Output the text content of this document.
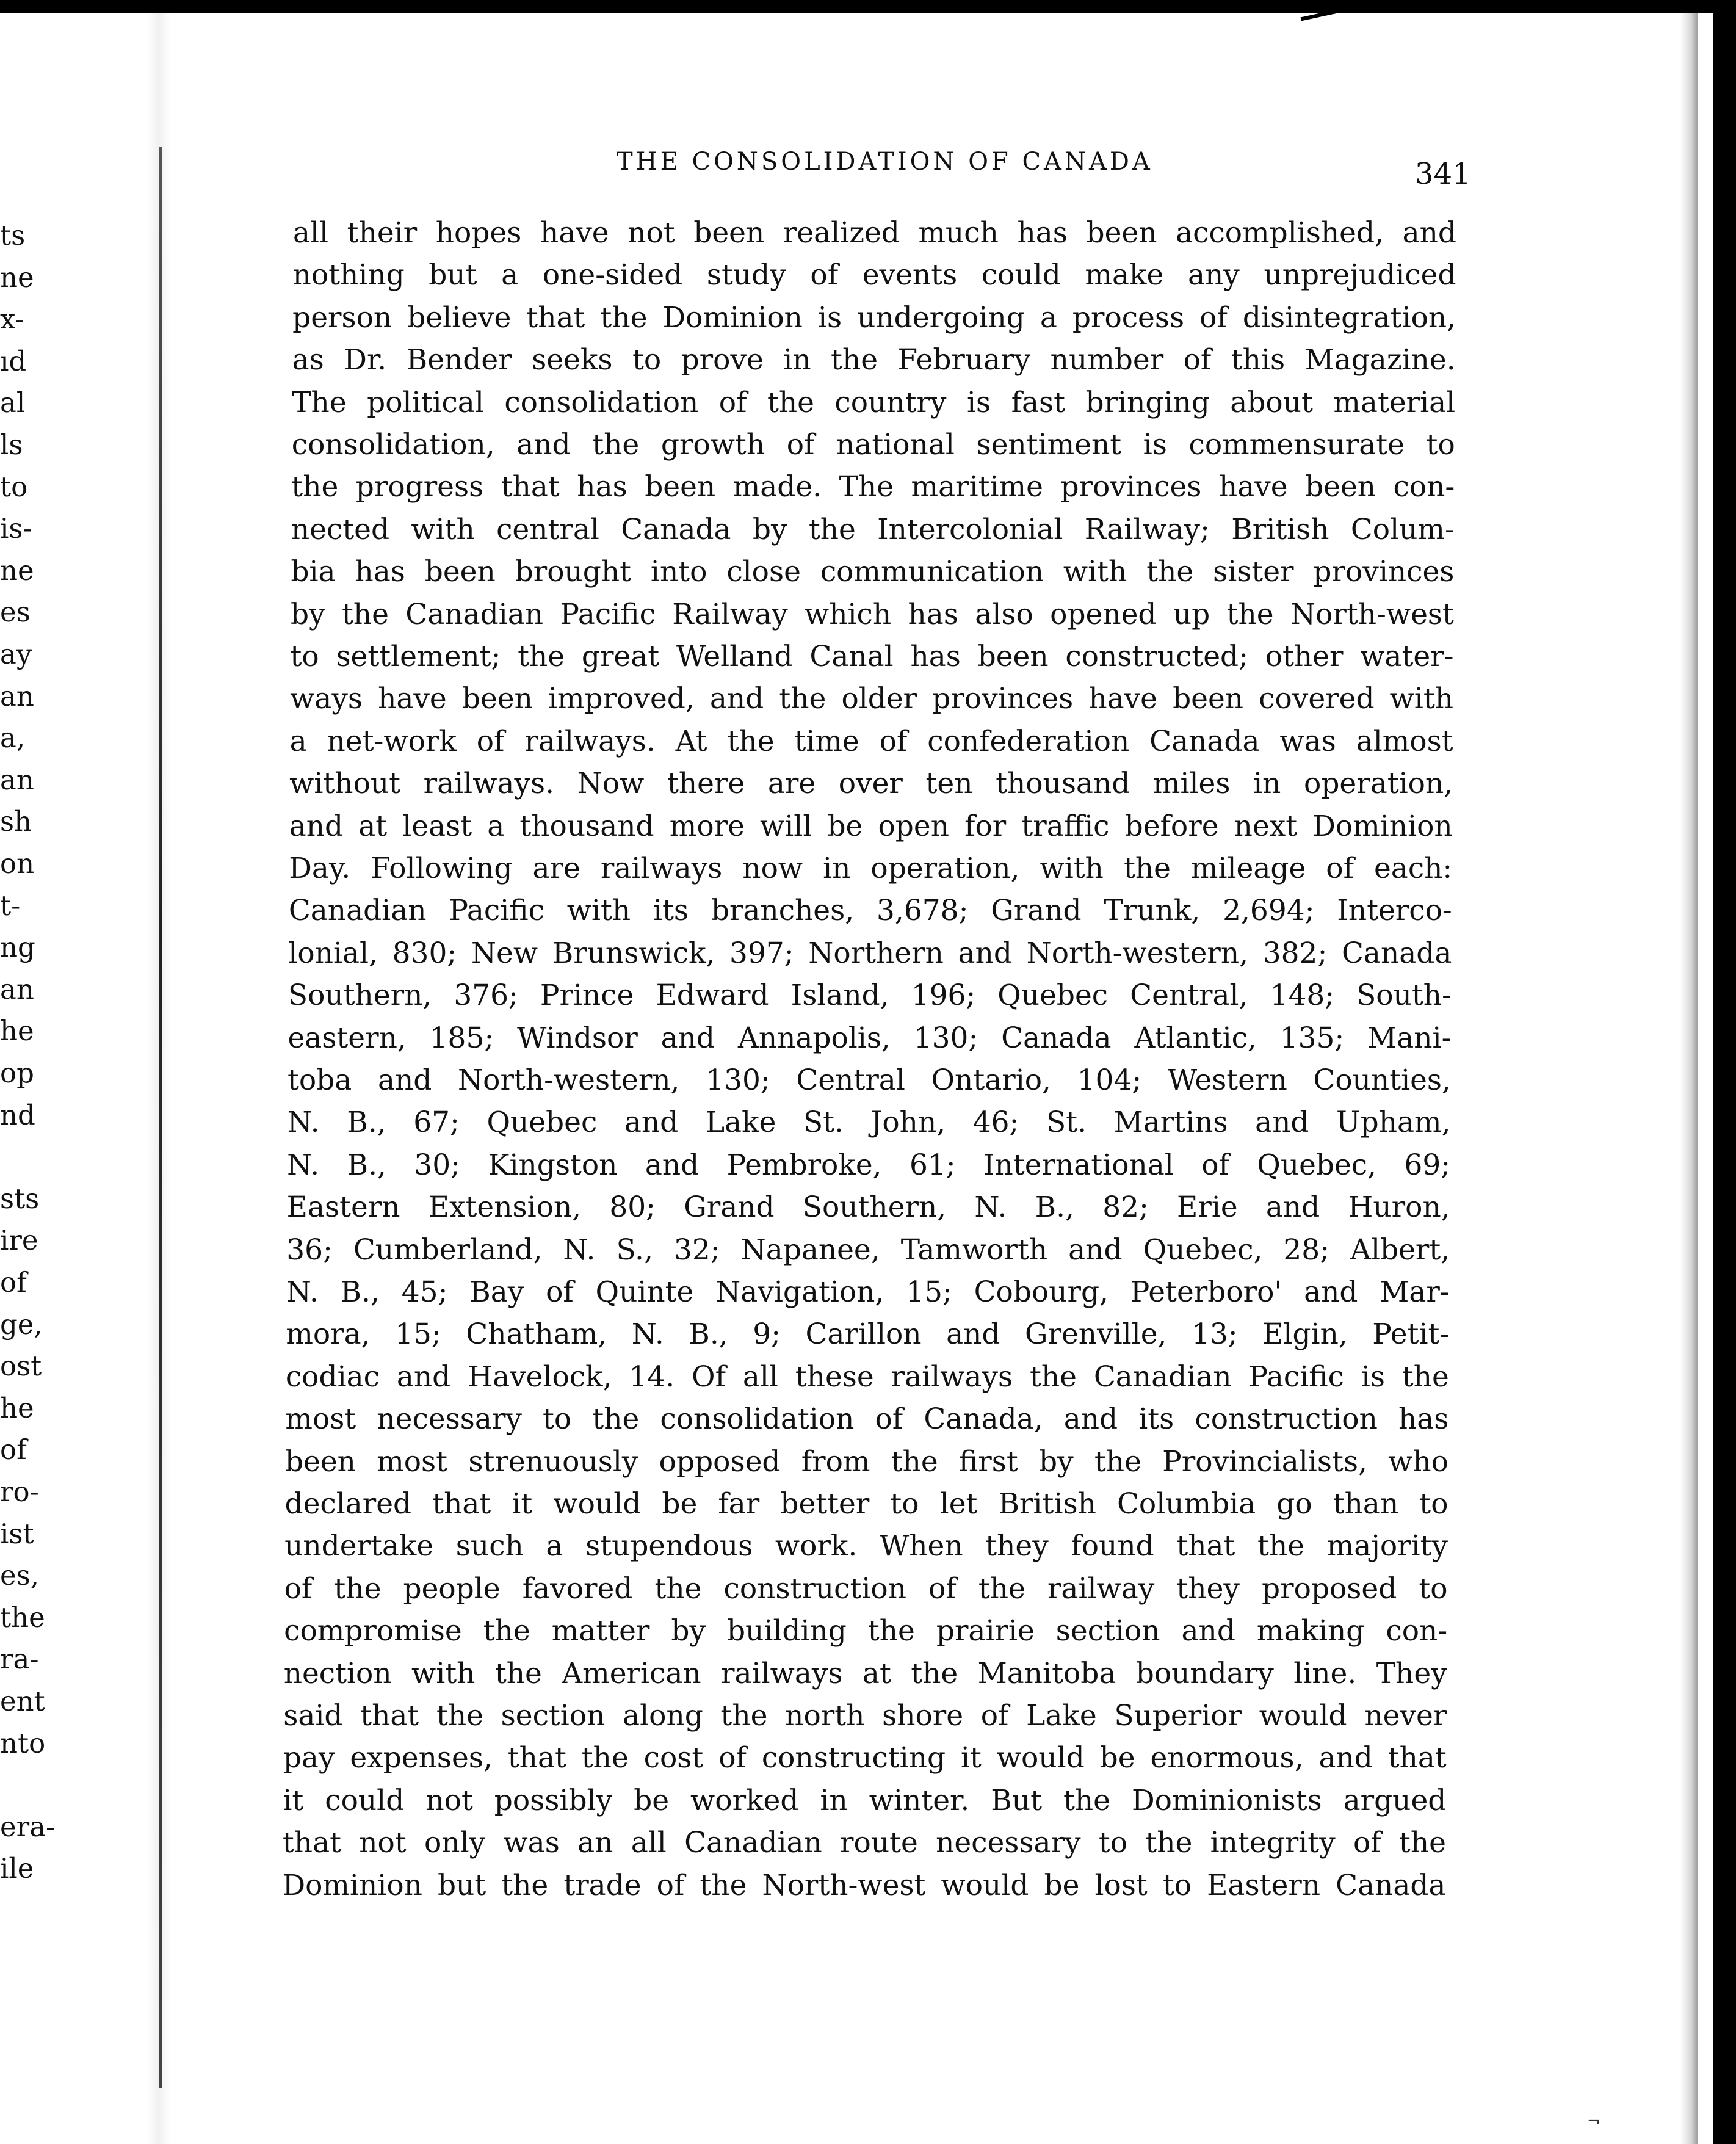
ts
ne
x-
ıd
al
ls
to
is-
ne
es
ay
an
a,
an
sh
on
t-
ng
an
he
op
nd
sts
ire
of
ge,
ost
he
of
ro-
ist
es,
the
ra-
ent
nto
era-
ile
THE CONSOLIDATION OF CANADA	341
all their hopes have not been realized much has been accomplished, and
nothing but a one-sided study of events could make any unprejudiced
person believe that the Dominion is undergoing a process of disintegration,
as Dr. Bender seeks to prove in the February number of this Magazine.
The political consolidation of the country is fast bringing about material
consolidation, and the growth of national sentiment is commensurate to
the progress that has been made. The maritime provinces have been con-
nected with central Canada by the Intercolonial Railway; British Colum-
bia has been brought into close communication with the sister provinces
by the Canadian Pacific Railway which has also opened up the North-west
to settlement; the great Welland Canal has been constructed; other water-
ways have been improved, and the older provinces have been covered with
a net-work of railways. At the time of confederation Canada was almost
without railways. Now there are over ten thousand miles in operation,
and at least a thousand more will be open for traffic before next Dominion
Day. Following are railways now in operation, with the mileage of each:
Canadian Pacific with its branches, 3,678; Grand Trunk, 2,694; Interco-
lonial, 830; New Brunswick, 397; Northern and North-western, 382; Canada
Southern, 376; Prince Edward Island, 196; Quebec Central, 148; South-
eastern, 185; Windsor and Annapolis, 130; Canada Atlantic, 135; Mani-
toba and North-western, 130; Central Ontario, 104; Western Counties,
N. B., 67; Quebec and Lake St. John, 46; St. Martins and Upham,
N. B., 30; Kingston and Pembroke, 61; International of Quebec, 69;
Eastern Extension, 80; Grand Southern, N. B., 82; Erie and Huron,
36; Cumberland, N. S., 32; Napanee, Tamworth and Quebec, 28; Albert,
N. B., 45; Bay of Quinte Navigation, 15; Cobourg, Peterboro' and Mar-
mora, 15; Chatham, N. B., 9; Carillon and Grenville, 13; Elgin, Petit-
codiac and Havelock, 14. Of all these railways the Canadian Pacific is the
most necessary to the consolidation of Canada, and its construction has
been most strenuously opposed from the first by the Provincialists, who
declared that it would be far better to let British Columbia go than to
undertake such a stupendous work. When they found that the majority
of the people favored the construction of the railway they proposed to
compromise the matter by building the prairie section and making con-
nection with the American railways at the Manitoba boundary line. They
said that the section along the north shore of Lake Superior would never
pay expenses, that the cost of constructing it would be enormous, and that
it could not possibly be worked in winter. But the Dominionists argued
that not only was an all Canadian route necessary to the integrity of the
Dominion but the trade of the North-west would be lost to Eastern Canada
¬
